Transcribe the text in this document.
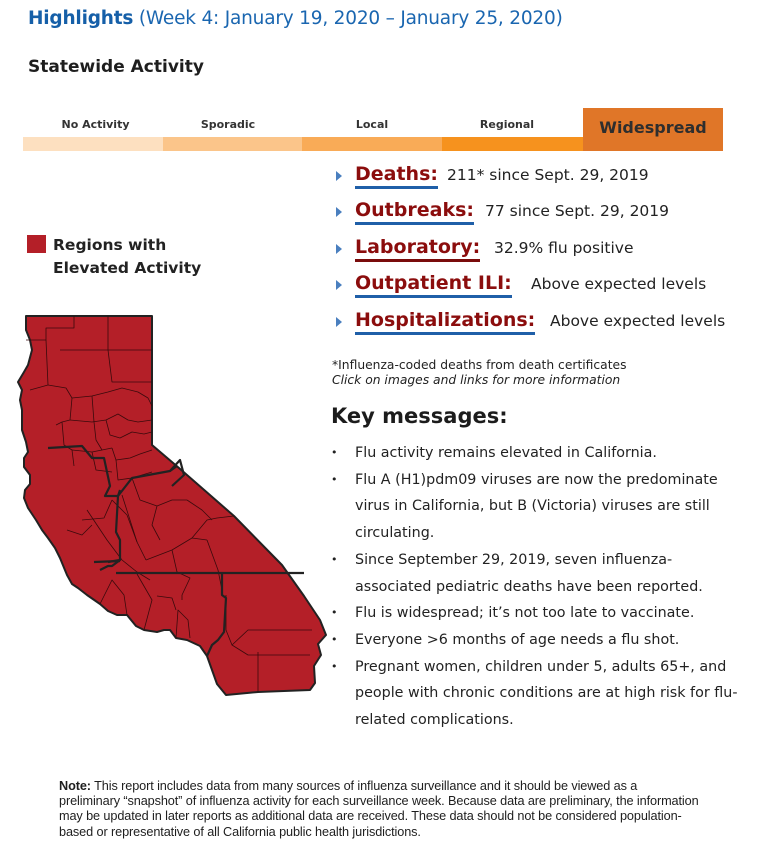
Highlights (Week 4: January 19, 2020 – January 25, 2020)
Statewide Activity
No Activity	Sporadic	Local	Regional	Widespread
Regions with
Elevated Activity
Deaths: 211* since Sept. 29, 2019
Outbreaks: 77 since Sept. 29, 2019
Laboratory: 32.9% flu positive
Outpatient ILI: Above expected levels
Hospitalizations: Above expected levels
*Influenza-coded deaths from death certificates
Click on images and links for more information
Key messages:
• Flu activity remains elevated in California.
• Flu A (H1)pdm09 viruses are now the predominate virus in California, but B (Victoria) viruses are still circulating.
• Since September 29, 2019, seven influenza-associated pediatric deaths have been reported.
• Flu is widespread; it’s not too late to vaccinate.
• Everyone >6 months of age needs a flu shot.
• Pregnant women, children under 5, adults 65+, and people with chronic conditions are at high risk for flu-related complications.
Note: This report includes data from many sources of influenza surveillance and it should be viewed as a preliminary “snapshot” of influenza activity for each surveillance week. Because data are preliminary, the information may be updated in later reports as additional data are received. These data should not be considered population-based or representative of all California public health jurisdictions.
